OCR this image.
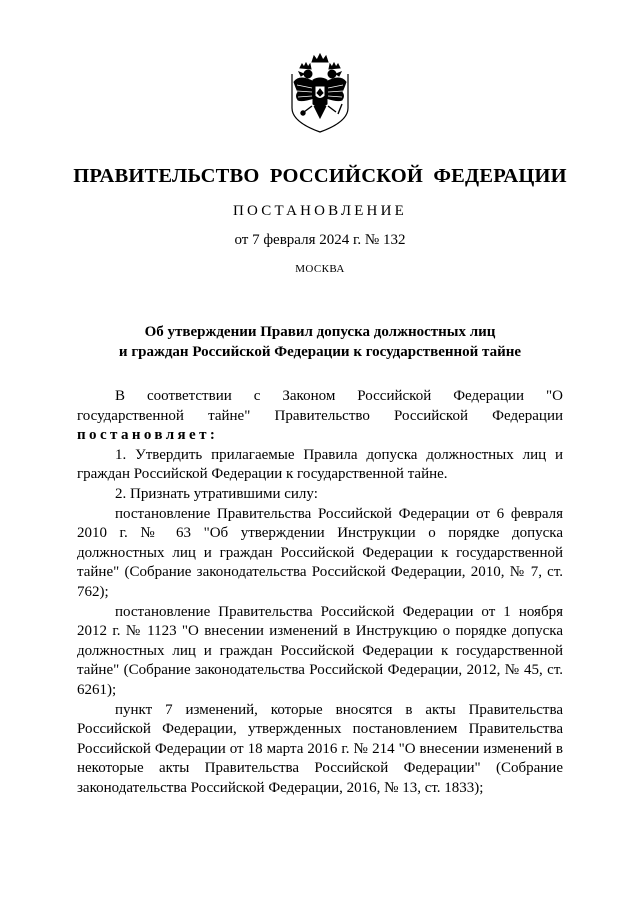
ПРАВИТЕЛЬСТВО РОССИЙСКОЙ ФЕДЕРАЦИИ
ПОСТАНОВЛЕНИЕ
от 7 февраля 2024 г. № 132
МОСКВА
Об утверждении Правил допуска должностных лиц
и граждан Российской Федерации к государственной тайне

В соответствии с Законом Российской Федерации "О государственной тайне" Правительство Российской Федерации постановляет:

1. Утвердить прилагаемые Правила допуска должностных лиц и граждан Российской Федерации к государственной тайне.

2. Признать утратившими силу:

постановление Правительства Российской Федерации от 6 февраля 2010 г. № 63 "Об утверждении Инструкции о порядке допуска должностных лиц и граждан Российской Федерации к государственной тайне" (Собрание законодательства Российской Федерации, 2010, № 7, ст. 762);

постановление Правительства Российской Федерации от 1 ноября 2012 г. № 1123 "О внесении изменений в Инструкцию о порядке допуска должностных лиц и граждан Российской Федерации к государственной тайне" (Собрание законодательства Российской Федерации, 2012, № 45, ст. 6261);

пункт 7 изменений, которые вносятся в акты Правительства Российской Федерации, утвержденных постановлением Правительства Российской Федерации от 18 марта 2016 г. № 214 "О внесении изменений в некоторые акты Правительства Российской Федерации" (Собрание законодательства Российской Федерации, 2016, № 13, ст. 1833);
